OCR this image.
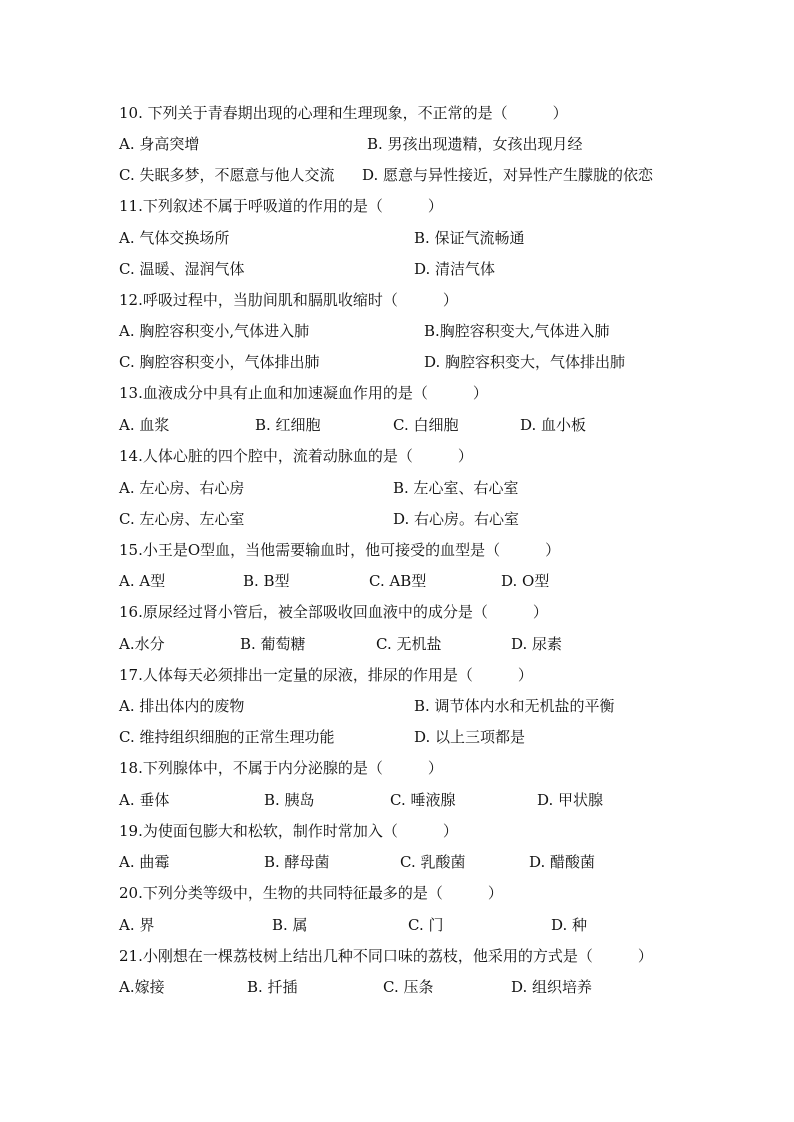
10. 下列关于青春期出现的心理和生理现象，不正常的是（　　　）
A. 身高突增	B. 男孩出现遗精，女孩出现月经
C. 失眠多梦，不愿意与他人交流 D. 愿意与异性接近，对异性产生朦胧的依恋
11.下列叙述不属于呼吸道的作用的是（　　　）
A. 气体交换场所	B. 保证气流畅通
C. 温暖、湿润气体	D. 清洁气体
12.呼吸过程中，当肋间肌和膈肌收缩时（　　　）
A. 胸腔容积变小,气体进入肺	B.胸腔容积变大,气体进入肺
C. 胸腔容积变小，气体排出肺	D. 胸腔容积变大，气体排出肺
13.血液成分中具有止血和加速凝血作用的是（　　　）
A. 血浆	B. 红细胞	C. 白细胞	D. 血小板
14.人体心脏的四个腔中，流着动脉血的是（　　　）
A. 左心房、右心房	B. 左心室、右心室
C. 左心房、左心室	D. 右心房。右心室
15.小王是O型血，当他需要输血时，他可接受的血型是（　　　）
A. A型	B. B型	C. AB型	D. O型
16.原尿经过肾小管后，被全部吸收回血液中的成分是（　　　）
A.水分	B. 葡萄糖	C. 无机盐	D. 尿素
17.人体每天必须排出一定量的尿液，排尿的作用是（　　　）
A. 排出体内的废物	B. 调节体内水和无机盐的平衡
C. 维持组织细胞的正常生理功能	D. 以上三项都是
18.下列腺体中，不属于内分泌腺的是（　　　）
A. 垂体	B. 胰岛	C. 唾液腺	D. 甲状腺
19.为使面包膨大和松软，制作时常加入（　　　）
A. 曲霉	B. 酵母菌	C. 乳酸菌	D. 醋酸菌
20.下列分类等级中，生物的共同特征最多的是（　　　）
A. 界	B. 属	C. 门	D. 种
21.小刚想在一棵荔枝树上结出几种不同口味的荔枝，他采用的方式是（　　　）
A.嫁接	B. 扦插	C. 压条	D. 组织培养
